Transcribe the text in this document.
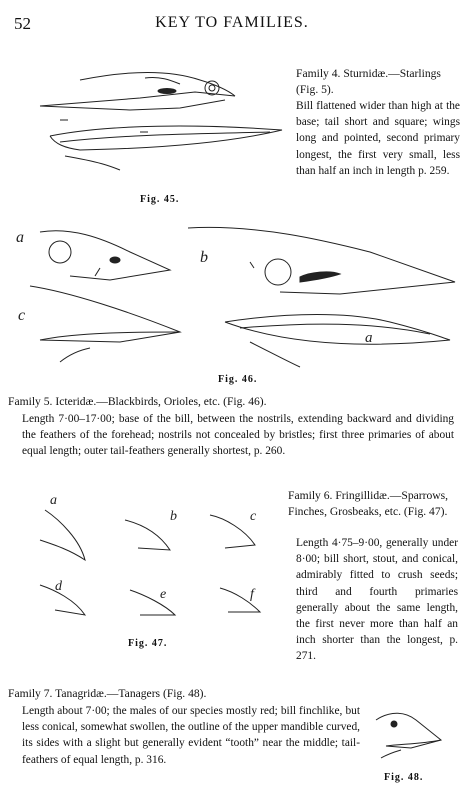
52	KEY TO FAMILIES.
Fig. 45.
Family 4. Sturnidæ.—Starlings (Fig. 5).
Bill flattened wider than high at the base; tail short and square; wings long and pointed, second primary longest, the first very small, less than half an inch in length p. 259.
a
b
c
a
Fig. 46.
Family 5. Icteridæ.—Blackbirds, Orioles, etc. (Fig. 46).
Length 7·00–17·00; base of the bill, between the nostrils, extending backward and dividing the feathers of the forehead; nostrils not concealed by bristles; first three primaries of about equal length; outer tail-feathers generally shortest, p. 260.
a
b	c
d
e	f
Fig. 47.
Family 6. Fringillidæ.—Sparrows, Finches, Grosbeaks, etc. (Fig. 47).
Length 4·75–9·00, generally under 8·00; bill short, stout, and conical, admirably fitted to crush seeds; third and fourth primaries generally about the same length, the first never more than half an inch shorter than the longest, p. 271.
Family 7. Tanagridæ.—Tanagers (Fig. 48).
Length about 7·00; the males of our species mostly red; bill finchlike, but less conical, somewhat swollen, the outline of the upper mandible curved, its sides with a slight but generally evident “tooth” near the middle; tail-feathers of equal length, p. 316.
Fig. 48.
